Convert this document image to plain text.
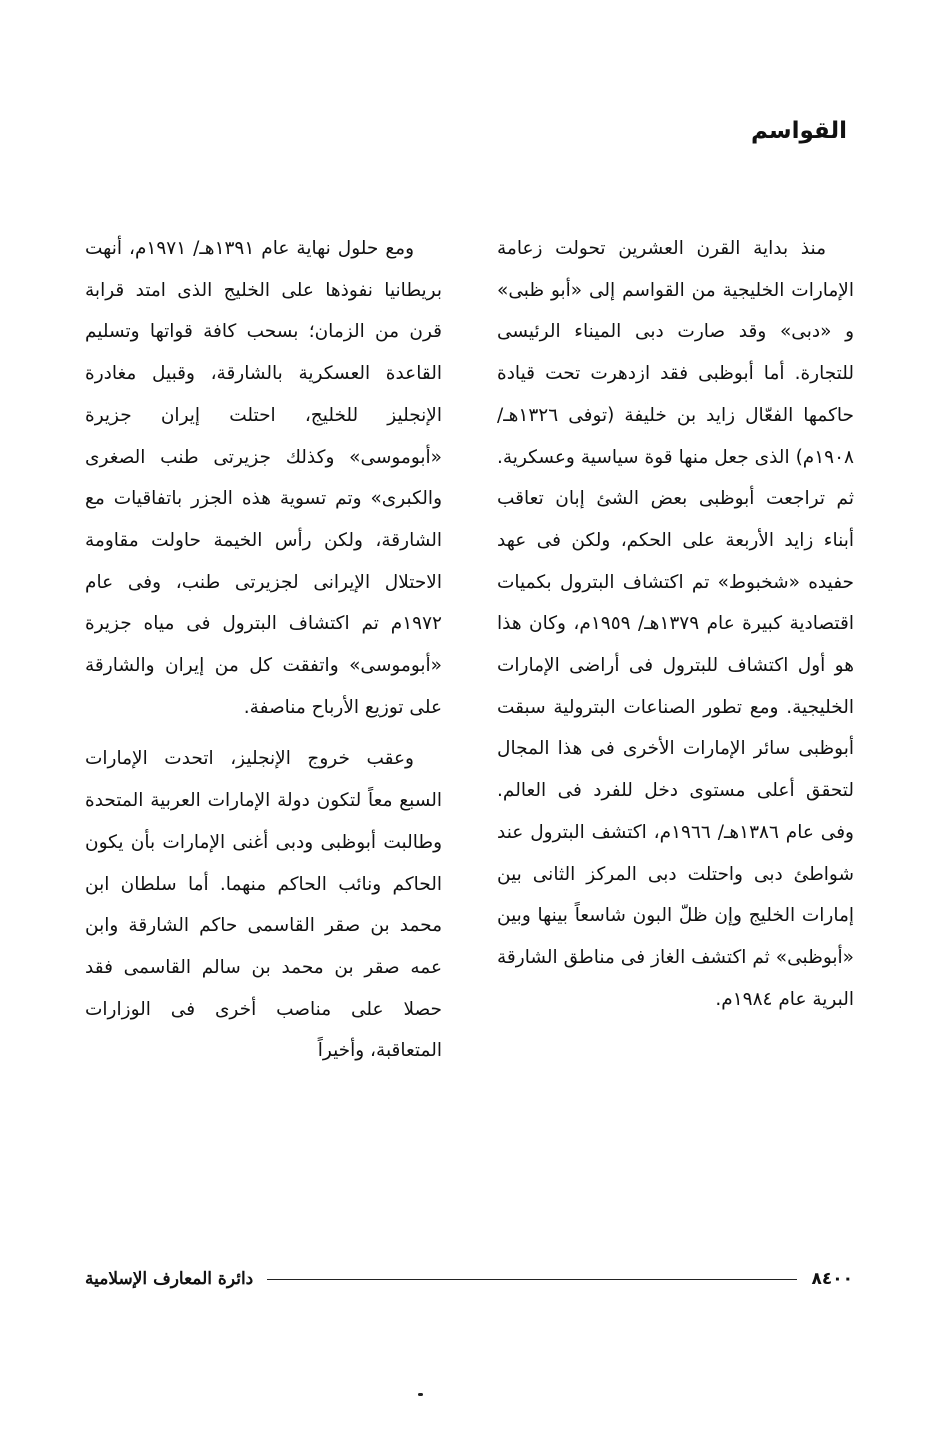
القواسم

منذ بداية القرن العشرين تحولت زعامة الإمارات الخليجية من القواسم إلى «أبو ظبى» و «دبى» وقد صارت دبى الميناء الرئيسى للتجارة. أما أبوظبى فقد ازدهرت تحت قيادة حاكمها الفعّال زايد بن خليفة (توفى ١٣٢٦هـ/ ١٩٠٨م) الذى جعل منها قوة سياسية وعسكرية. ثم تراجعت أبوظبى بعض الشئ إبان تعاقب أبناء زايد الأربعة على الحكم، ولكن فى عهد حفيده «شخبوط» تم اكتشاف البترول بكميات اقتصادية كبيرة عام ١٣٧٩هـ/ ١٩٥٩م، وكان هذا هو أول اكتشاف للبترول فى أراضى الإمارات الخليجية. ومع تطور الصناعات البترولية سبقت أبوظبى سائر الإمارات الأخرى فى هذا المجال لتحقق أعلى مستوى دخل للفرد فى العالم. وفى عام ١٣٨٦هـ/ ١٩٦٦م، اكتشف البترول عند شواطئ دبى واحتلت دبى المركز الثانى بين إمارات الخليج وإن ظلّ البون شاسعاً بينها وبين «أبوظبى» ثم اكتشف الغاز فى مناطق الشارقة البرية عام ١٩٨٤م.

ومع حلول نهاية عام ١٣٩١هـ/ ١٩٧١م، أنهت بريطانيا نفوذها على الخليج الذى امتد قرابة قرن من الزمان؛ بسحب كافة قواتها وتسليم القاعدة العسكرية بالشارقة، وقبيل مغادرة الإنجليز للخليج، احتلت إيران جزيرة «أبوموسى» وكذلك جزيرتى طنب الصغرى والكبرى» وتم تسوية هذه الجزر باتفاقيات مع الشارقة، ولكن رأس الخيمة حاولت مقاومة الاحتلال الإيرانى لجزيرتى طنب، وفى عام ١٩٧٢م تم اكتشاف البترول فى مياه جزيرة «أبوموسى» واتفقت كل من إيران والشارقة على توزيع الأرباح مناصفة.

وعقب خروج الإنجليز، اتحدت الإمارات السبع معاً لتكون دولة الإمارات العربية المتحدة وطالبت أبوظبى ودبى أغنى الإمارات بأن يكون الحاكم ونائب الحاكم منهما. أما سلطان ابن محمد بن صقر القاسمى حاكم الشارقة وابن عمه صقر بن محمد بن سالم القاسمى فقد حصلا على مناصب أخرى فى الوزارات المتعاقبة، وأخيراً

٨٤٠٠
دائرة المعارف الإسلامية
